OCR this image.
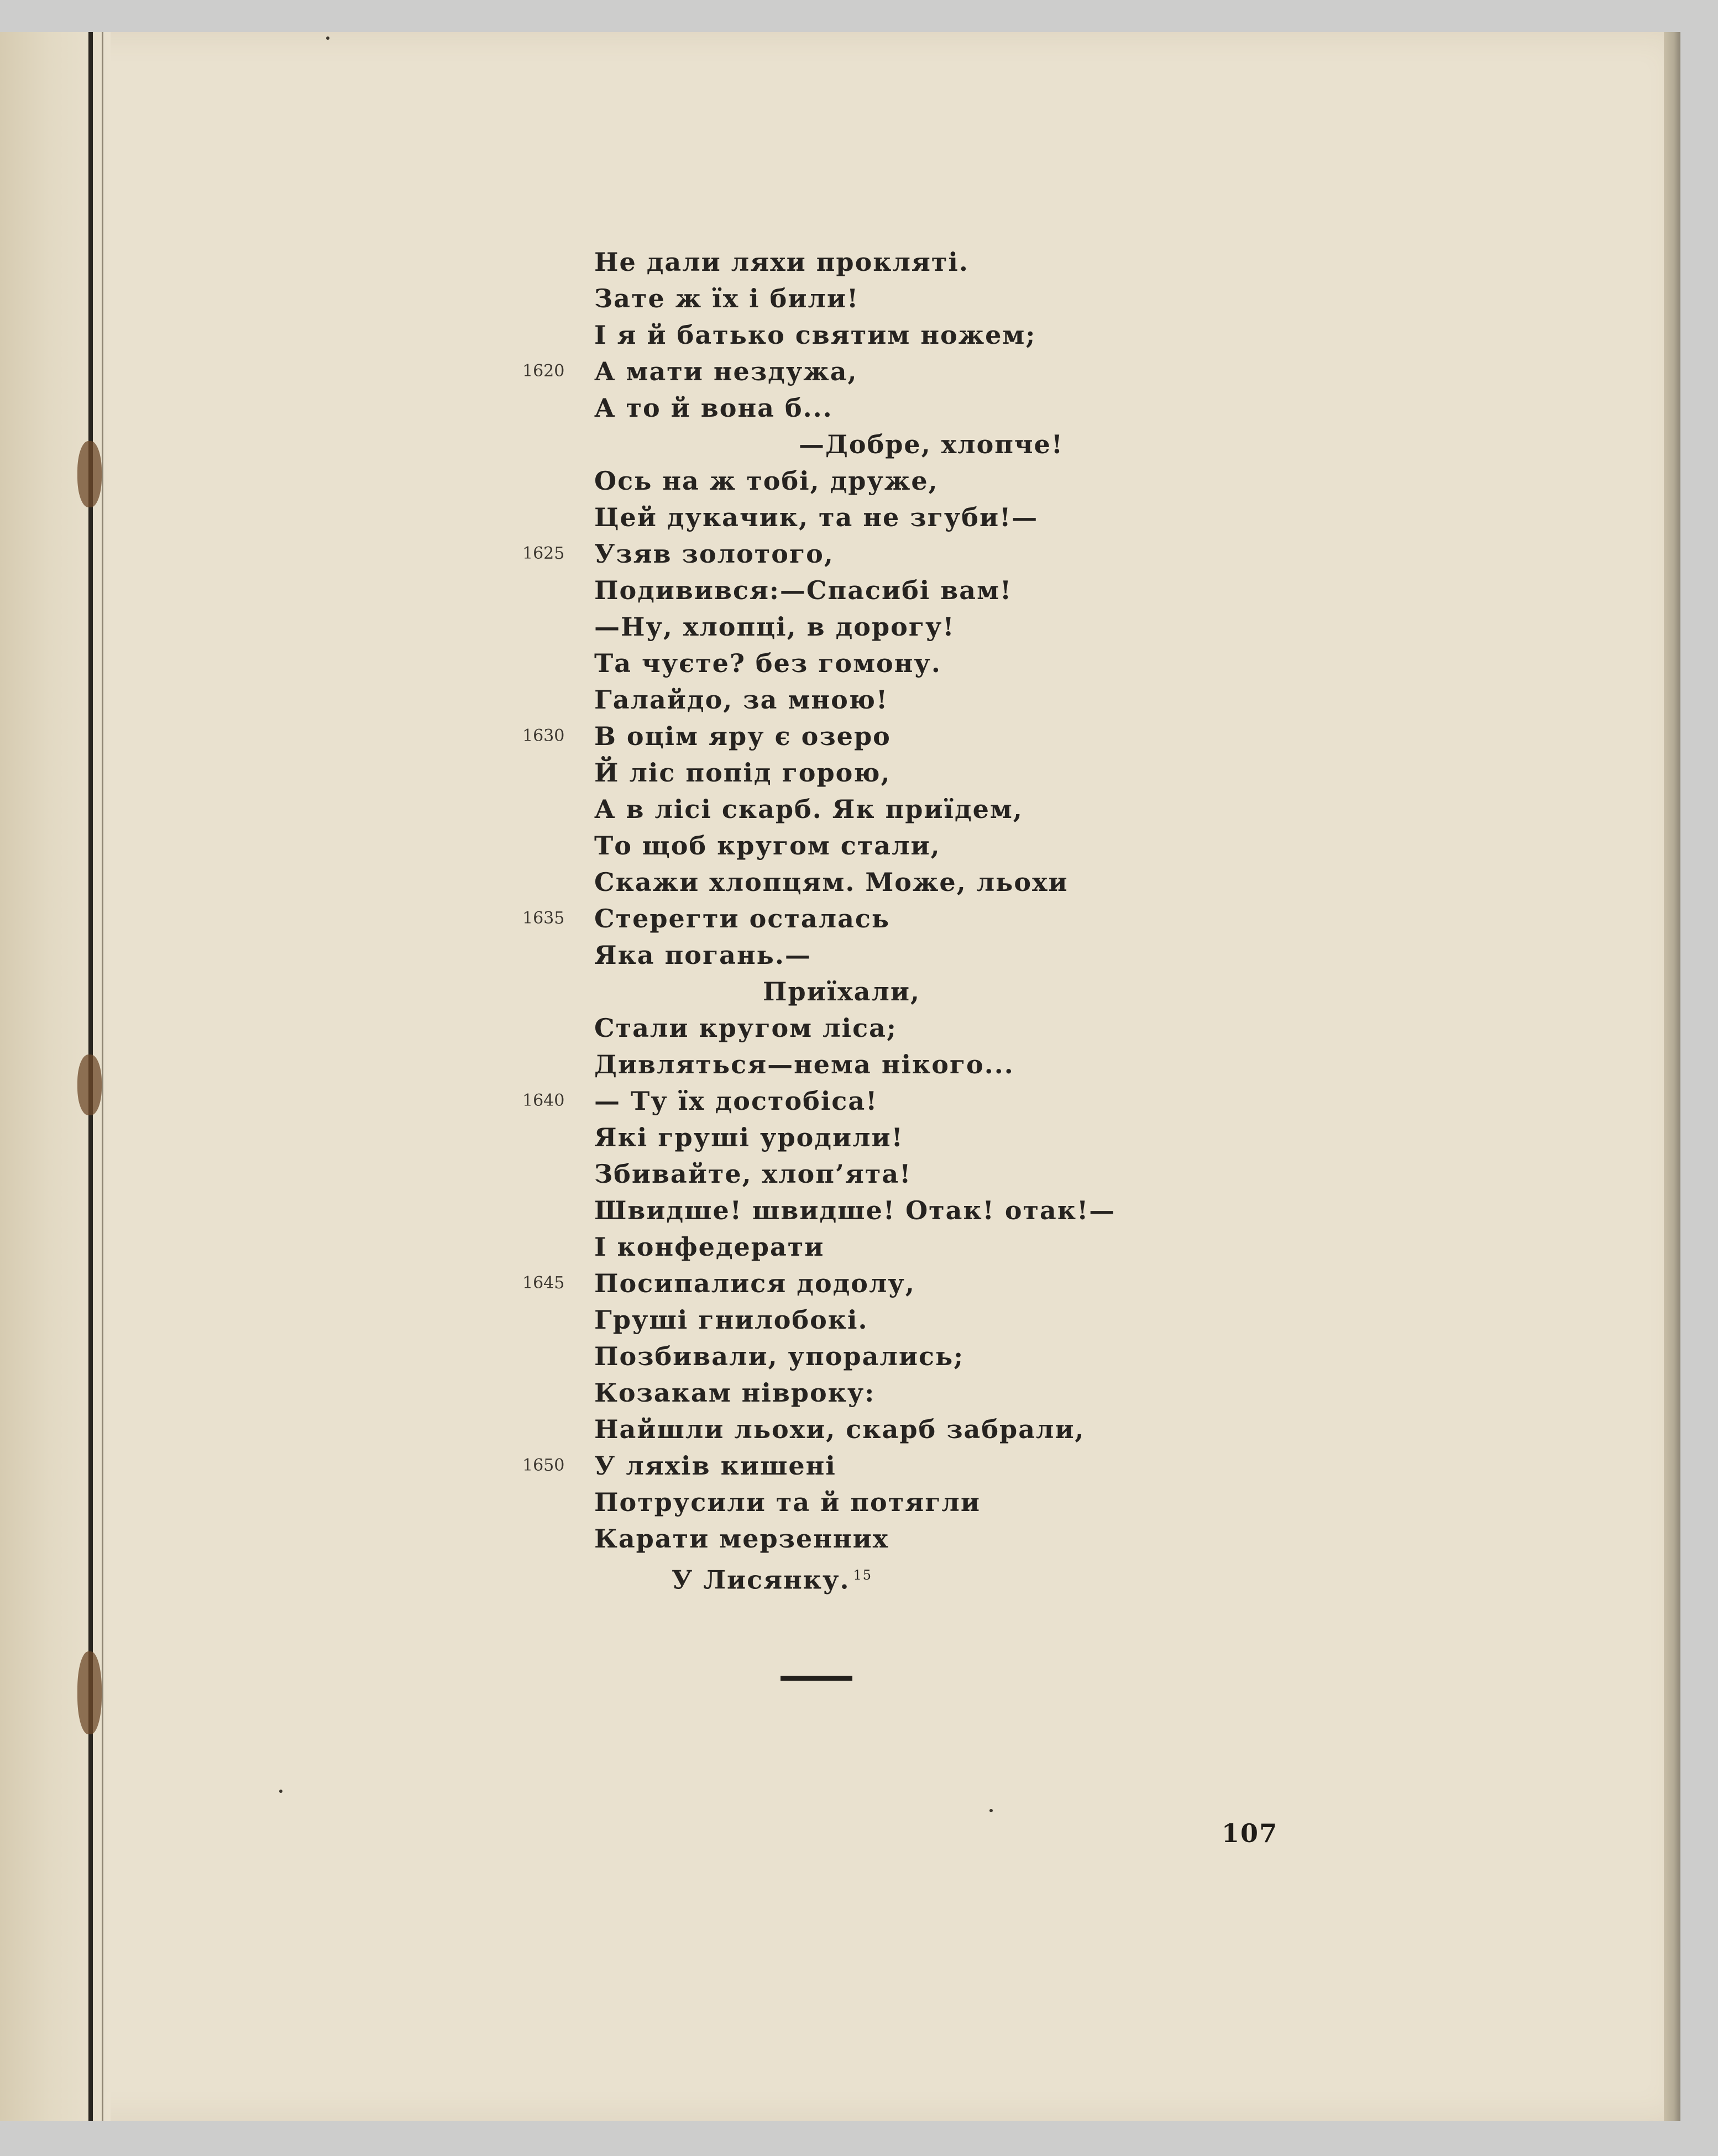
Не дали ляхи прокляті.
Зате ж їх і били!
І я й батько святим ножем;
А мати нездужа,
А то й вона б...
—Добре, хлопче!
Ось на ж тобі, друже,
Цей дукачик, та не згуби!—
Узяв золотого,
Подивився:—Спасибі вам!
—Ну, хлопці, в дорогу!
Та чуєте? без гомону.
Галайдо, за мною!
В оцім яру є озеро
Й ліс попід горою,
А в лісі скарб. Як приїдем,
То щоб кругом стали,
Скажи хлопцям. Може, льохи
Стерегти осталась
Яка погань.—
Приїхали,
Стали кругом ліса;
Дивляться—нема нікого...
— Ту їх достобіса!
Які груші уродили!
Збивайте, хлоп’ята!
Швидше! швидше! Отак! отак!—
І конфедерати
Посипалися додолу,
Груші гнилобокі.
Позбивали, упорались;
Козакам нівроку:
Найшли льохи, скарб забрали,
У ляхів кишені
Потрусили та й потягли
Карати мерзенних
У Лисянку. $^{15}$
1620
1625
1630
1635
1640
1645
1650
107
